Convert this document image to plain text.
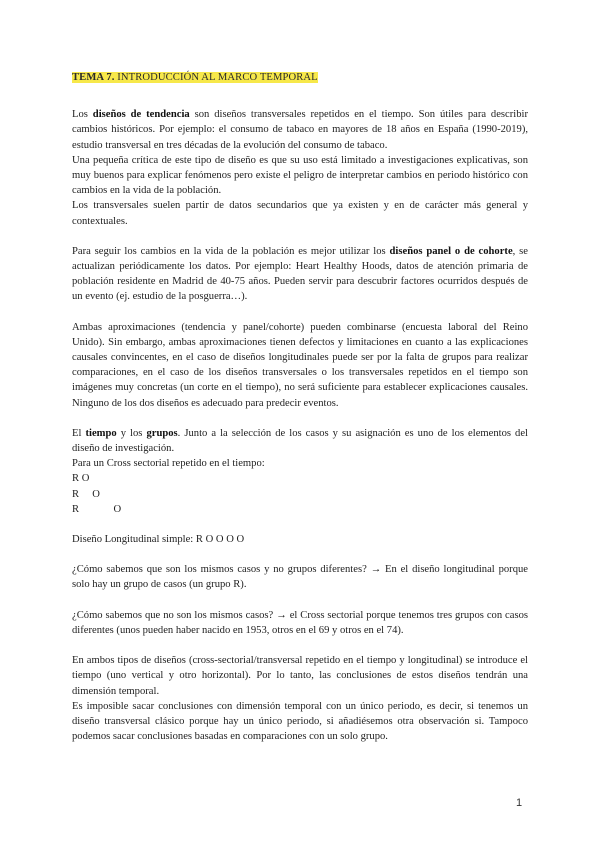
TEMA 7. INTRODUCCIÓN AL MARCO TEMPORAL

Los diseños de tendencia son diseños transversales repetidos en el tiempo. Son útiles para describir cambios históricos. Por ejemplo: el consumo de tabaco en mayores de 18 años en España (1990-2019), estudio transversal en tres décadas de la evolución del consumo de tabaco.

Una pequeña crítica de este tipo de diseño es que su uso está limitado a investigaciones explicativas, son muy buenos para explicar fenómenos pero existe el peligro de interpretar cambios en periodo histórico con cambios en la vida de la población.

Los transversales suelen partir de datos secundarios que ya existen y en de carácter más general y contextuales.

Para seguir los cambios en la vida de la población es mejor utilizar los diseños panel o de cohorte, se actualizan periódicamente los datos. Por ejemplo: Heart Healthy Hoods, datos de atención primaria de población residente en Madrid de 40-75 años. Pueden servir para descubrir factores ocurridos después de un evento (ej. estudio de la posguerra…).

Ambas aproximaciones (tendencia y panel/cohorte) pueden combinarse (encuesta laboral del Reino Unido). Sin embargo, ambas aproximaciones tienen defectos y limitaciones en cuanto a las explicaciones causales convincentes, en el caso de diseños longitudinales puede ser por la falta de grupos para realizar comparaciones, en el caso de los diseños transversales o los transversales repetidos en el tiempo son imágenes muy concretas (un corte en el tiempo), no será suficiente para establecer explicaciones causales. Ninguno de los dos diseños es adecuado para predecir eventos.

El tiempo y los grupos. Junto a la selección de los casos y su asignación es uno de los elementos del diseño de investigación.

Para un Cross sectorial repetido en el tiempo:

R O

R     O

R             O

Diseño Longitudinal simple: R O O O O

¿Cómo sabemos que son los mismos casos y no grupos diferentes? → En el diseño longitudinal porque solo hay un grupo de casos (un grupo R).

¿Cómo sabemos que no son los mismos casos? → el Cross sectorial porque tenemos tres grupos con casos diferentes (unos pueden haber nacido en 1953, otros en el 69 y otros en el 74).

En ambos tipos de diseños (cross-sectorial/transversal repetido en el tiempo y longitudinal) se introduce el tiempo (uno vertical y otro horizontal). Por lo tanto, las conclusiones de estos diseños tendrán una dimensión temporal.

Es imposible sacar conclusiones con dimensión temporal con un único periodo, es decir, si tenemos un diseño transversal clásico porque hay un único periodo, si añadiésemos otra observación si. Tampoco podemos sacar conclusiones basadas en comparaciones con un solo grupo.

1
